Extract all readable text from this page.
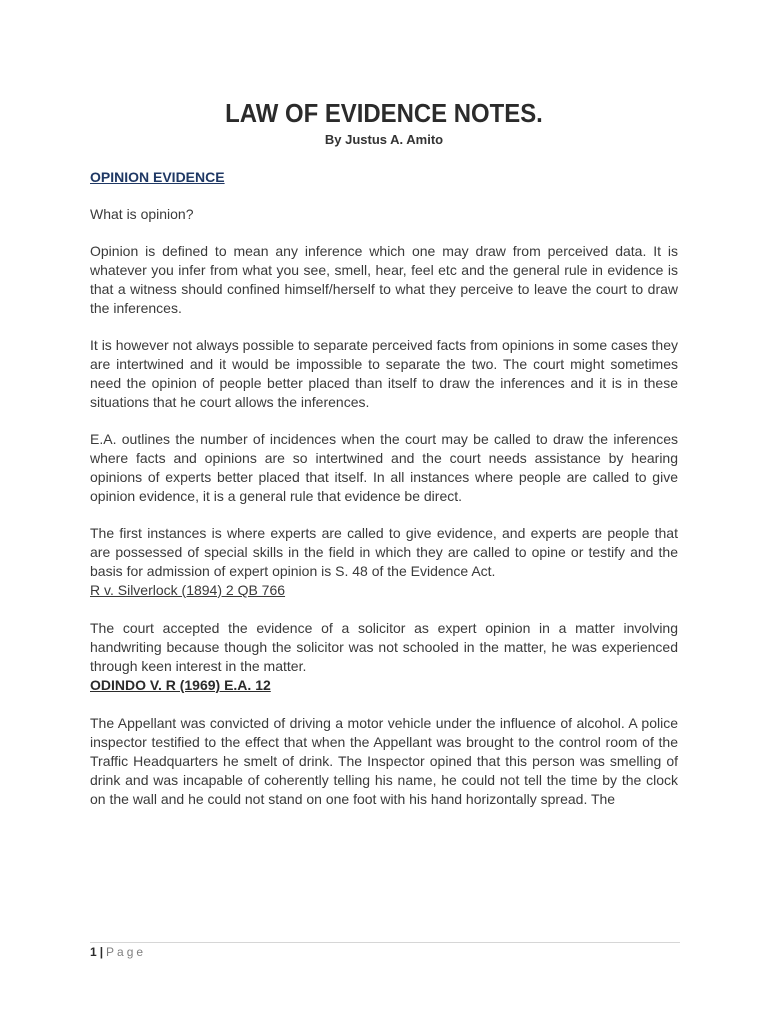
LAW OF EVIDENCE NOTES.

By Justus A. Amito

OPINION EVIDENCE

What is opinion?

Opinion is defined to mean any inference which one may draw from perceived data. It is whatever you infer from what you see, smell, hear, feel etc and the general rule in evidence is that a witness should confined himself/herself to what they perceive to leave the court to draw the inferences.

It is however not always possible to separate perceived facts from opinions in some cases they are intertwined and it would be impossible to separate the two. The court might sometimes need the opinion of people better placed than itself to draw the inferences and it is in these situations that he court allows the inferences.

E.A. outlines the number of incidences when the court may be called to draw the inferences where facts and opinions are so intertwined and the court needs assistance by hearing opinions of experts better placed that itself. In all instances where people are called to give opinion evidence, it is a general rule that evidence be direct.

The first instances is where experts are called to give evidence, and experts are people that are possessed of special skills in the field in which they are called to opine or testify and the basis for admission of expert opinion is S. 48 of the Evidence Act.

R v. Silverlock (1894) 2 QB 766

The court accepted the evidence of a solicitor as expert opinion in a matter involving handwriting because though the solicitor was not schooled in the matter, he was experienced through keen interest in the matter.

ODINDO V. R (1969) E.A. 12

The Appellant was convicted of driving a motor vehicle under the influence of alcohol. A police inspector testified to the effect that when the Appellant was brought to the control room of the Traffic Headquarters he smelt of drink. The Inspector opined that this person was smelling of drink and was incapable of coherently telling his name, he could not tell the time by the clock on the wall and he could not stand on one foot with his hand horizontally spread. The

1 | Page
